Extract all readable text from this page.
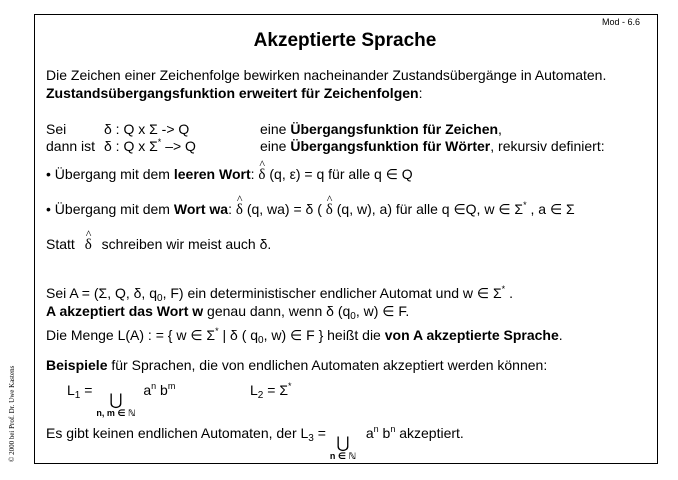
Mod - 6.6
Akzeptierte Sprache
© 2000 bei Prof. Dr. Uwe Kastens
Die Zeichen einer Zeichenfolge bewirken nacheinander Zustandsübergänge in Automaten.
Zustandsübergangsfunktion erweitert für Zeichenfolgen:
Sei	δ : Q x Σ -> Q	eine Übergangsfunktion für Zeichen,
dann ist δ : Q x Σ* –> Q	eine Übergangsfunktion für Wörter, rekursiv definiert:
• Übergang mit dem leeren Wort: ^ δ (q, ε) = q für alle q ∈ Q
• Übergang mit dem Wort wa: ^ δ (q, wa) = δ ( ^ δ (q, w), a) für alle q ∈Q, w ∈ Σ* , a ∈ Σ
Statt ^ δ schreiben wir meist auch δ.
Sei A = (Σ, Q, δ, $q_0$, F) ein deterministischer endlicher Automat und w ∈ Σ* .
A akzeptiert das Wort w genau dann, wenn δ ($q_0$, w) ∈ F.
Die Menge L(A) : = { w ∈ Σ* | δ ( $q_0$, w) ∈ F } heißt die von A akzeptierte Sprache.
Beispiele für Sprachen, die von endlichen Automaten akzeptiert werden können:
$L_1$ =
⋃
n, m ∈ ℕ
$a^n$ $b^m$	$L_2 = \Sigma^*$
Es gibt keinen endlichen Automaten, der $L_3$ =
⋃
n ∈ ℕ
$a^n$ $b^n$ akzeptiert.
